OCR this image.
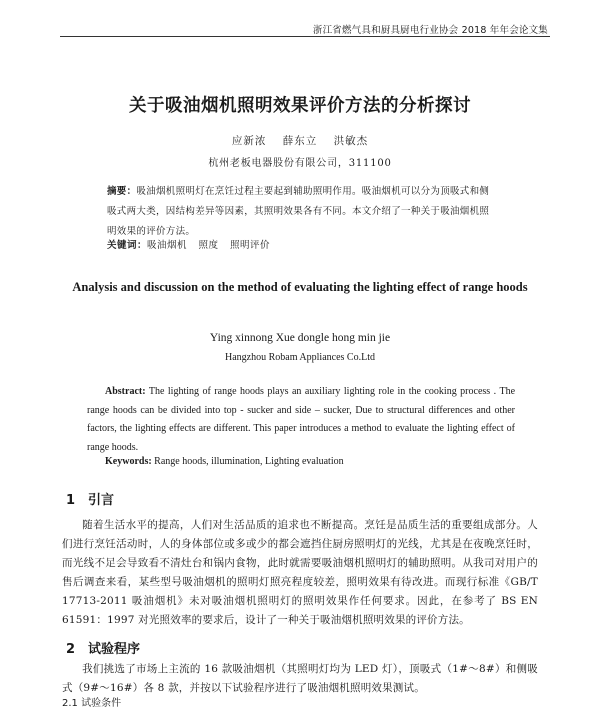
浙江省燃气具和厨具厨电行业协会 2018 年年会论文集
关于吸油烟机照明效果评价方法的分析探讨
应新浓 薛东立 洪敏杰
杭州老板电器股份有限公司，311100
摘要：吸油烟机照明灯在烹饪过程主要起到辅助照明作用。吸油烟机可以分为顶吸式和侧吸式两大类，因结构差异等因素，其照明效果各有不同。本文介绍了一种关于吸油烟机照明效果的评价方法。
关键词：吸油烟机 照度 照明评价
Analysis and discussion on the method of evaluating the lighting effect of range hoods
Ying xinnong Xue dongle hong min jie
Hangzhou Robam Appliances Co.Ltd
Abstract: The lighting of range hoods plays an auxiliary lighting role in the cooking process . The range hoods can be divided into top - sucker and side – sucker, Due to structural differences and other factors, the lighting effects are different. This paper introduces a method to evaluate the lighting effect of range hoods.
Keywords: Range hoods, illumination, Lighting evaluation
1 引言
随着生活水平的提高，人们对生活品质的追求也不断提高。烹饪是品质生活的重要组成部分。人们进行烹饪活动时，人的身体部位或多或少的都会遮挡住厨房照明灯的光线，尤其是在夜晚烹饪时，而光线不足会导致看不清灶台和锅内食物，此时就需要吸油烟机照明灯的辅助照明。从我司对用户的售后调查来看，某些型号吸油烟机的照明灯照亮程度较差，照明效果有待改进。而现行标准《GB/T 17713-2011 吸油烟机》未对吸油烟机照明灯的照明效果作任何要求。因此，在参考了 BS EN 61591：1997 对光照效率的要求后，设计了一种关于吸油烟机照明效果的评价方法。
2 试验程序
我们挑选了市场上主流的 16 款吸油烟机（其照明灯均为 LED 灯），顶吸式（1#～8#）和侧吸式（9#～16#）各 8 款，并按以下试验程序进行了吸油烟机照明效果测试。
2.1 试验条件
